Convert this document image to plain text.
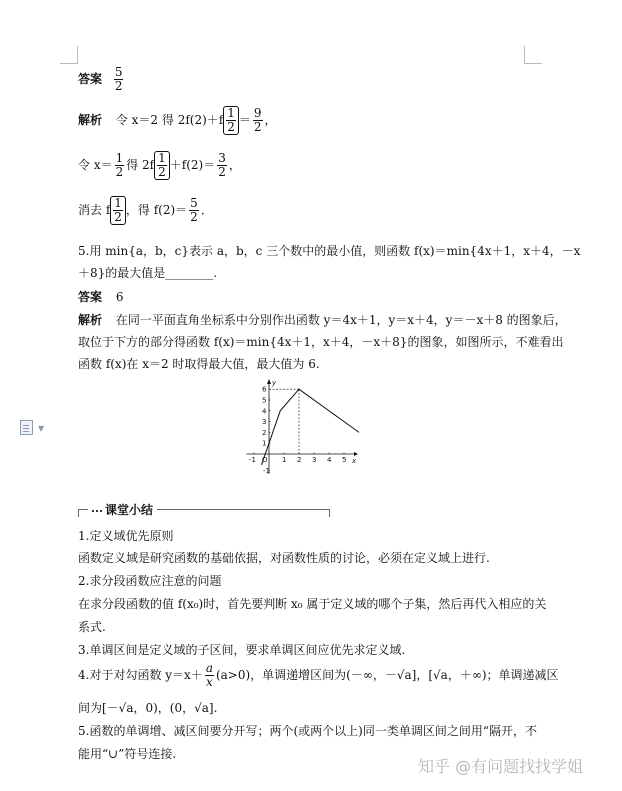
▼
答案 $\frac{5}{2}$
解析 令 x＝2 得 $2f(2)+f \frac{1}{2} = \frac{9}{2}$ ，
令 $x= \frac{1}{2}$ 得 $2f \frac{1}{2} +f(2)= \frac{3}{2}$ ，
消去 f $\frac{1}{2}$ ，得 $f(2)= \frac{5}{2}$ ．
5.用 min{a，b，c}表示 a，b，c 三个数中的最小值，则函数 f(x)＝min{4x＋1，x＋4，－x
＋8}的最大值是________.
答案 6
解析 在同一平面直角坐标系中分别作出函数 y＝4x＋1，y＝x＋4，y＝－x＋8 的图象后，
取位于下方的部分得函数 f(x)＝min{4x＋1，x＋4，－x＋8}的图象，如图所示，不难看出
函数 f(x)在 x＝2 时取得最大值，最大值为 6.
x
y
O
-1	1 2 3 4 5
1
2
3
4
5
6
-1
课堂小结
1.定义域优先原则
函数定义域是研究函数的基础依据，对函数性质的讨论，必须在定义域上进行.
2.求分段函数应注意的问题
在求分段函数的值 f(x₀)时，首先要判断 x₀ 属于定义域的哪个子集，然后再代入相应的关
系式.
3.单调区间是定义域的子区间，要求单调区间应优先求定义域.
4.对于对勾函数 $y=x+ \frac{a}{x} (a>0)$，单调递增区间为(－∞，－√a]，[√a，＋∞)；单调递减区
间为[－√a，0)，(0，√a].
5.函数的单调增、减区间要分开写；两个(或两个以上)同一类单调区间之间用“隔开，不
能用“∪”符号连接.
知乎 @有问题找找学姐
